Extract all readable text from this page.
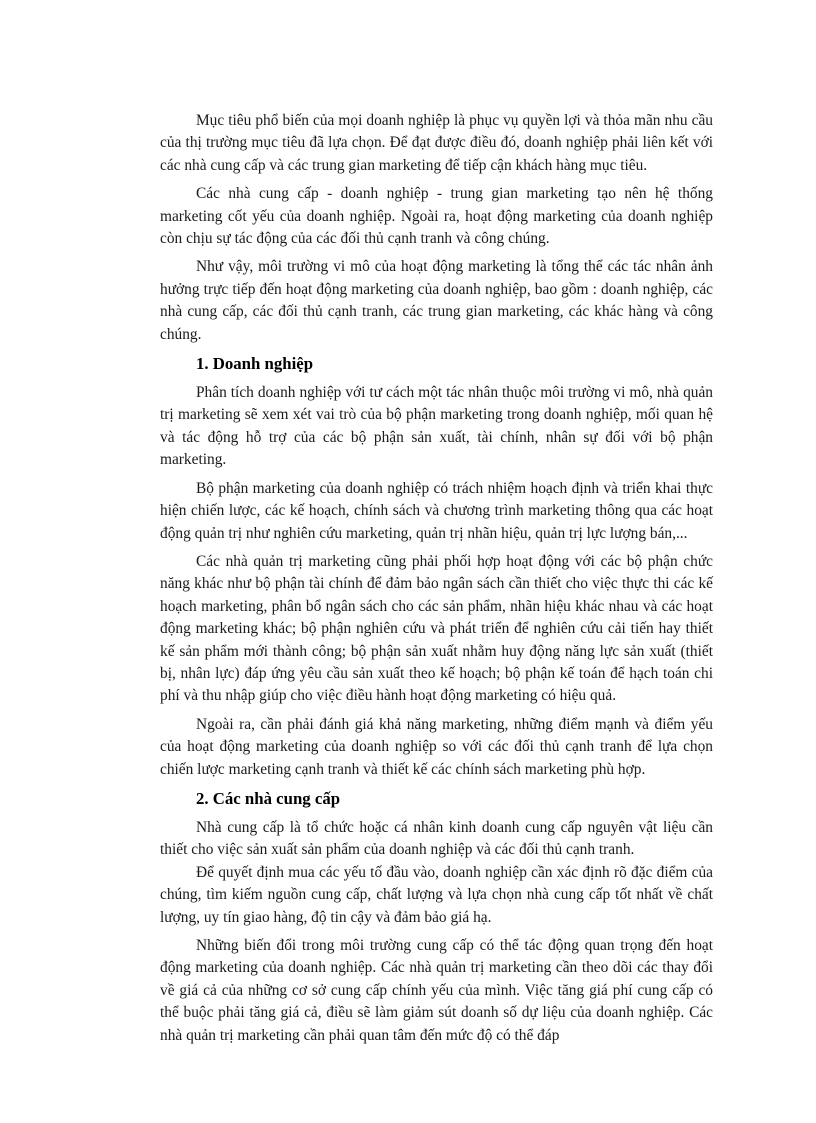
Mục tiêu phổ biến của mọi doanh nghiệp là phục vụ quyền lợi và thỏa mãn nhu cầu của thị trường mục tiêu đã lựa chọn. Để đạt được điều đó, doanh nghiệp phải liên kết với các nhà cung cấp và các trung gian marketing để tiếp cận khách hàng mục tiêu.

Các nhà cung cấp - doanh nghiệp - trung gian marketing tạo nên hệ thống marketing cốt yếu của doanh nghiệp. Ngoài ra, hoạt động marketing của doanh nghiệp còn chịu sự tác động của các đối thủ cạnh tranh và công chúng.

Như vậy, môi trường vi mô của hoạt động marketing là tổng thể các tác nhân ảnh hưởng trực tiếp đến hoạt động marketing của doanh nghiệp, bao gồm : doanh nghiệp, các nhà cung cấp, các đối thủ cạnh tranh, các trung gian marketing, các khác hàng và công chúng.

1. Doanh nghiệp

Phân tích doanh nghiệp với tư cách một tác nhân thuộc môi trường vi mô, nhà quản trị marketing sẽ xem xét vai trò của bộ phận marketing trong doanh nghiệp, mối quan hệ và tác động hỗ trợ của các bộ phận sản xuất, tài chính, nhân sự đối với bộ phận marketing.

Bộ phận marketing của doanh nghiệp có trách nhiệm hoạch định và triển khai thực hiện chiến lược, các kế hoạch, chính sách và chương trình marketing thông qua các hoạt động quản trị như nghiên cứu marketing, quản trị nhãn hiệu, quản trị lực lượng bán,...

Các nhà quản trị marketing cũng phải phối hợp hoạt động với các bộ phận chức năng khác như bộ phận tài chính để đảm bảo ngân sách cần thiết cho việc thực thi các kế hoạch marketing, phân bổ ngân sách cho các sản phẩm, nhãn hiệu khác nhau và các hoạt động marketing khác; bộ phận nghiên cứu và phát triển để nghiên cứu cải tiến hay thiết kế sản phẩm mới thành công; bộ phận sản xuất nhằm huy động năng lực sản xuất (thiết bị, nhân lực) đáp ứng yêu cầu sản xuất theo kế hoạch; bộ phận kế toán để hạch toán chi phí và thu nhập giúp cho việc điều hành hoạt động marketing có hiệu quả.

Ngoài ra, cần phải đánh giá khả năng marketing, những điểm mạnh và điểm yếu của hoạt động marketing của doanh nghiệp so với các đối thủ cạnh tranh để lựa chọn chiến lược marketing cạnh tranh và thiết kế các chính sách marketing phù hợp.

2. Các nhà cung cấp

Nhà cung cấp là tổ chức hoặc cá nhân kinh doanh cung cấp nguyên vật liệu cần thiết cho việc sản xuất sản phẩm của doanh nghiệp và các đối thủ cạnh tranh.

Để quyết định mua các yếu tố đầu vào, doanh nghiệp cần xác định rõ đặc điểm của chúng, tìm kiếm nguồn cung cấp, chất lượng và lựa chọn nhà cung cấp tốt nhất về chất lượng, uy tín giao hàng, độ tin cậy và đảm bảo giá hạ.

Những biến đổi trong môi trường cung cấp có thể tác động quan trọng đến hoạt động marketing của doanh nghiệp. Các nhà quản trị marketing cần theo dõi các thay đổi về giá cả của những cơ sở cung cấp chính yếu của mình. Việc tăng giá phí cung cấp có thể buộc phải tăng giá cả, điều sẽ làm giảm sút doanh số dự liệu của doanh nghiệp. Các nhà quản trị marketing cần phải quan tâm đến mức độ có thể đáp
